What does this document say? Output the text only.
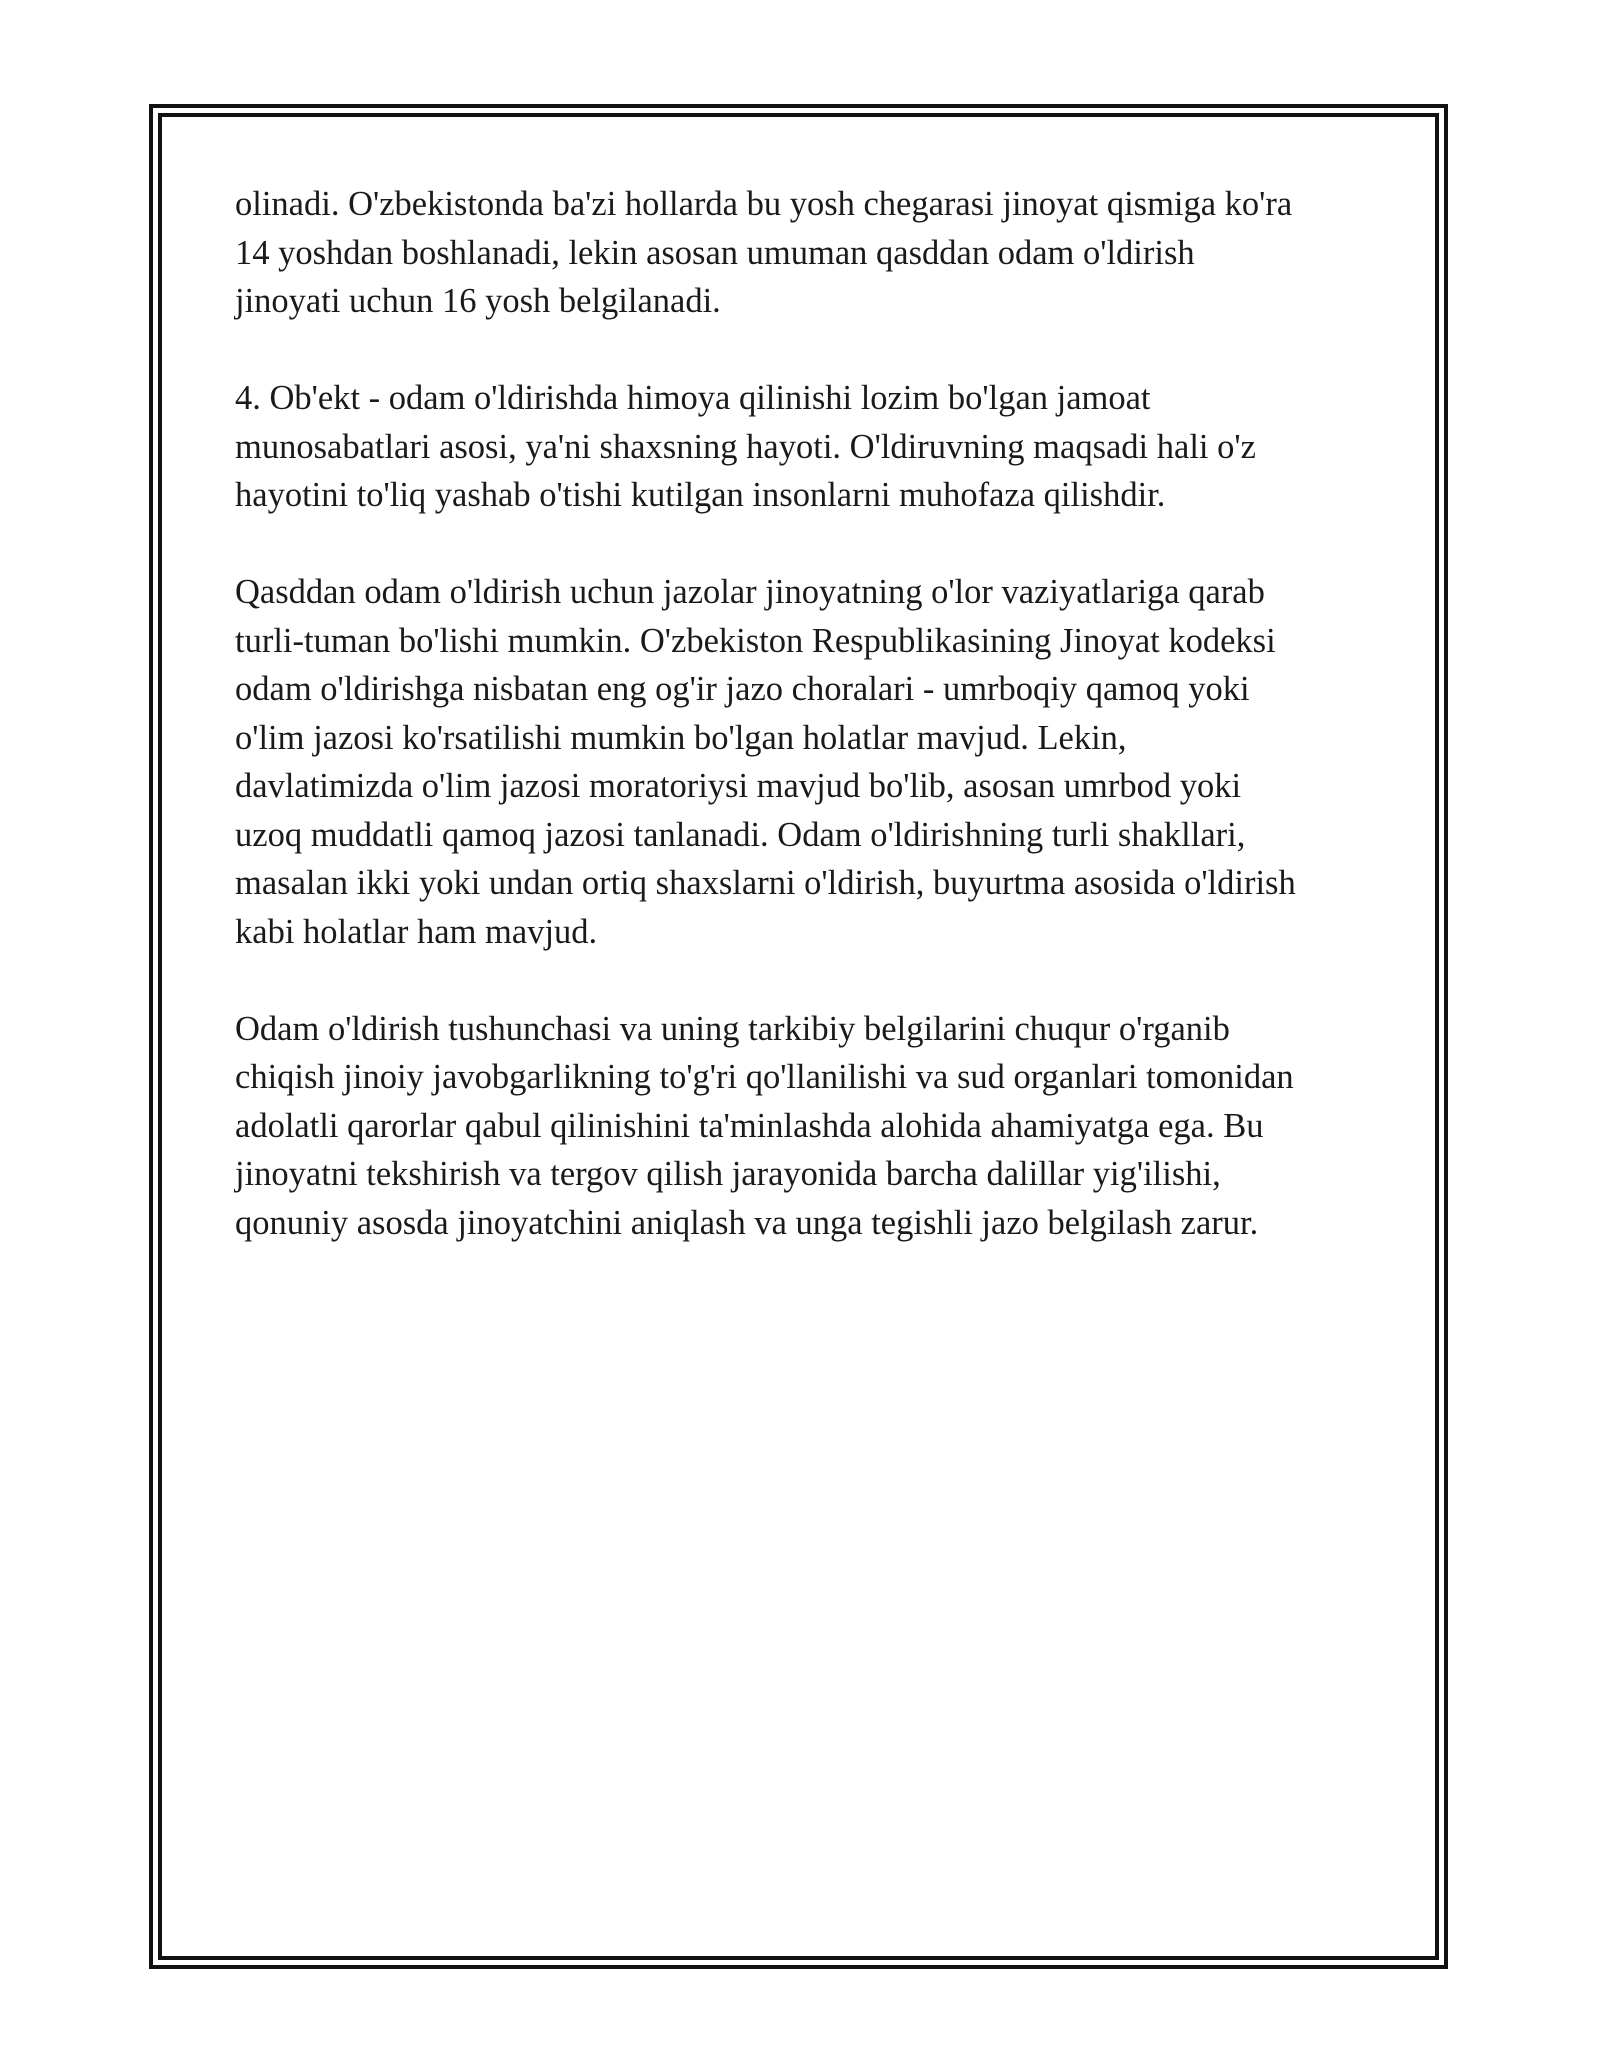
olinadi. O'zbekistonda ba'zi hollarda bu yosh chegarasi jinoyat qismiga ko'ra
14 yoshdan boshlanadi, lekin asosan umuman qasddan odam o'ldirish
jinoyati uchun 16 yosh belgilanadi.

4. Ob'ekt - odam o'ldirishda himoya qilinishi lozim bo'lgan jamoat
munosabatlari asosi, ya'ni shaxsning hayoti. O'ldiruvning maqsadi hali o'z
hayotini to'liq yashab o'tishi kutilgan insonlarni muhofaza qilishdir.

Qasddan odam o'ldirish uchun jazolar jinoyatning o'lor vaziyatlariga qarab
turli-tuman bo'lishi mumkin. O'zbekiston Respublikasining Jinoyat kodeksi
odam o'ldirishga nisbatan eng og'ir jazo choralari - umrboqiy qamoq yoki
o'lim jazosi ko'rsatilishi mumkin bo'lgan holatlar mavjud. Lekin,
davlatimizda o'lim jazosi moratoriysi mavjud bo'lib, asosan umrbod yoki
uzoq muddatli qamoq jazosi tanlanadi. Odam o'ldirishning turli shakllari,
masalan ikki yoki undan ortiq shaxslarni o'ldirish, buyurtma asosida o'ldirish
kabi holatlar ham mavjud.

Odam o'ldirish tushunchasi va uning tarkibiy belgilarini chuqur o'rganib
chiqish jinoiy javobgarlikning to'g'ri qo'llanilishi va sud organlari tomonidan
adolatli qarorlar qabul qilinishini ta'minlashda alohida ahamiyatga ega. Bu
jinoyatni tekshirish va tergov qilish jarayonida barcha dalillar yig'ilishi,
qonuniy asosda jinoyatchini aniqlash va unga tegishli jazo belgilash zarur.
